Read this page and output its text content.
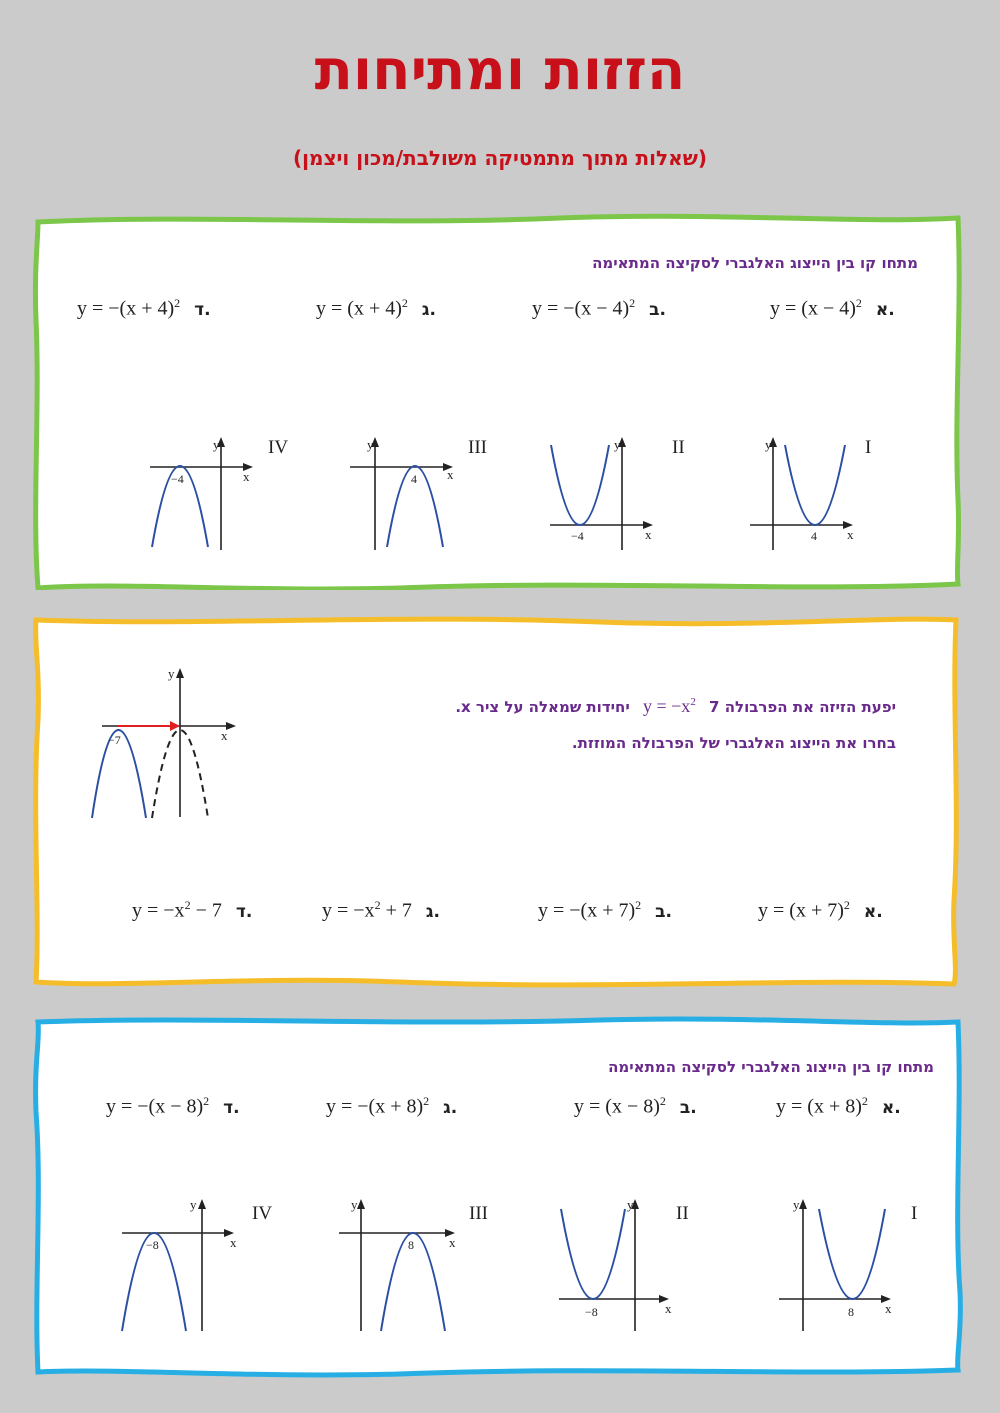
הזזות ומתיחות
(שאלות מתוך מתמטיקה משולבת/מכון ויצמן)
מתחו קו בין הייצוג האלגברי לסקיצה המתאימה
$y = (x - 4)^2$ א.
$y = -(x - 4)^2$ ב.
$y = (x + 4)^2$ ג.
$y = -(x + 4)^2$ ד.
I
y
x
4
II
y
x
−4
III
y
x
4
IV
y
x
−4
יפעת הזיזה את הפרבולה $y = -x^2$ 7 יחידות שמאלה על ציר x.
בחרו את הייצוג האלגברי של הפרבולה המוזזת.
y
x
−7
$y = (x + 7)^2$ א.
$y = -(x + 7)^2$ ב.
$y = -x^2 + 7$ ג.
$y = -x^2 - 7$ ד.
מתחו קו בין הייצוג האלגברי לסקיצה המתאימה
$y = (x + 8)^2$ א.
$y = (x - 8)^2$ ב.
$y = -(x + 8)^2$ ג.
$y = -(x - 8)^2$ ד.
I
y
x
8
II
y
x
−8
III
y
x
8
IV
y
x
−8
